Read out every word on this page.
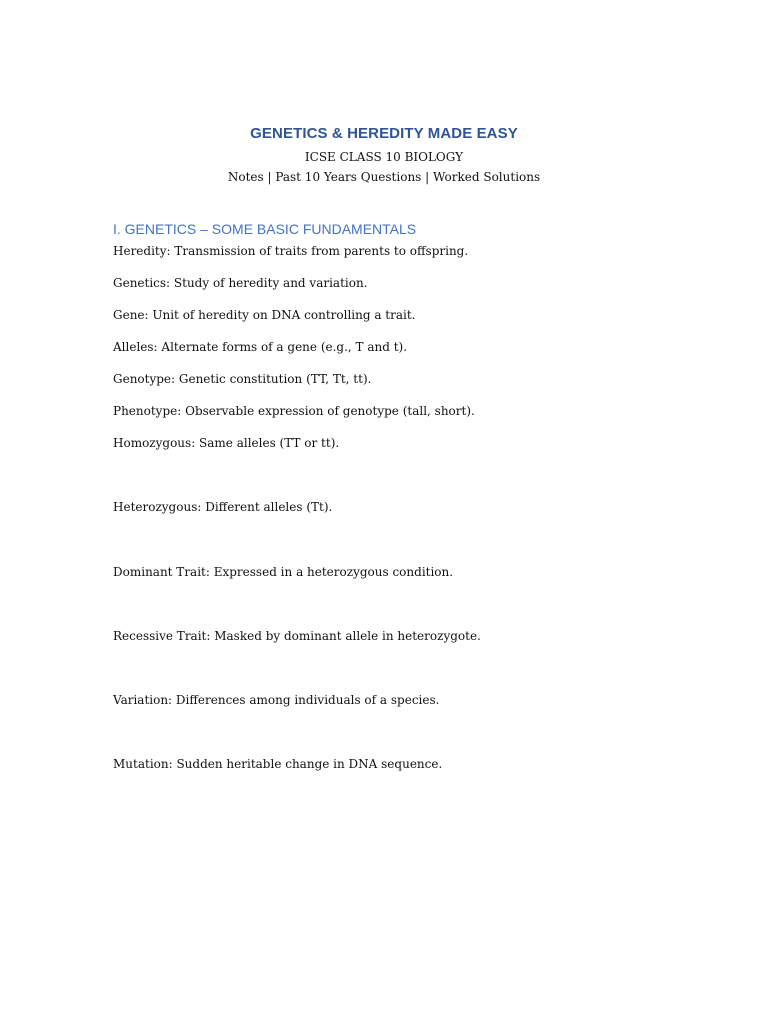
GENETICS & HEREDITY MADE EASY
ICSE CLASS 10 BIOLOGY
Notes | Past 10 Years Questions | Worked Solutions
I. GENETICS – SOME BASIC FUNDAMENTALS
Heredity: Transmission of traits from parents to offspring.
Genetics: Study of heredity and variation.
Gene: Unit of heredity on DNA controlling a trait.
Alleles: Alternate forms of a gene (e.g., T and t).
Genotype: Genetic constitution (TT, Tt, tt).
Phenotype: Observable expression of genotype (tall, short).
Homozygous: Same alleles (TT or tt).
Heterozygous: Different alleles (Tt).
Dominant Trait: Expressed in a heterozygous condition.
Recessive Trait: Masked by dominant allele in heterozygote.
Variation: Differences among individuals of a species.
Mutation: Sudden heritable change in DNA sequence.
